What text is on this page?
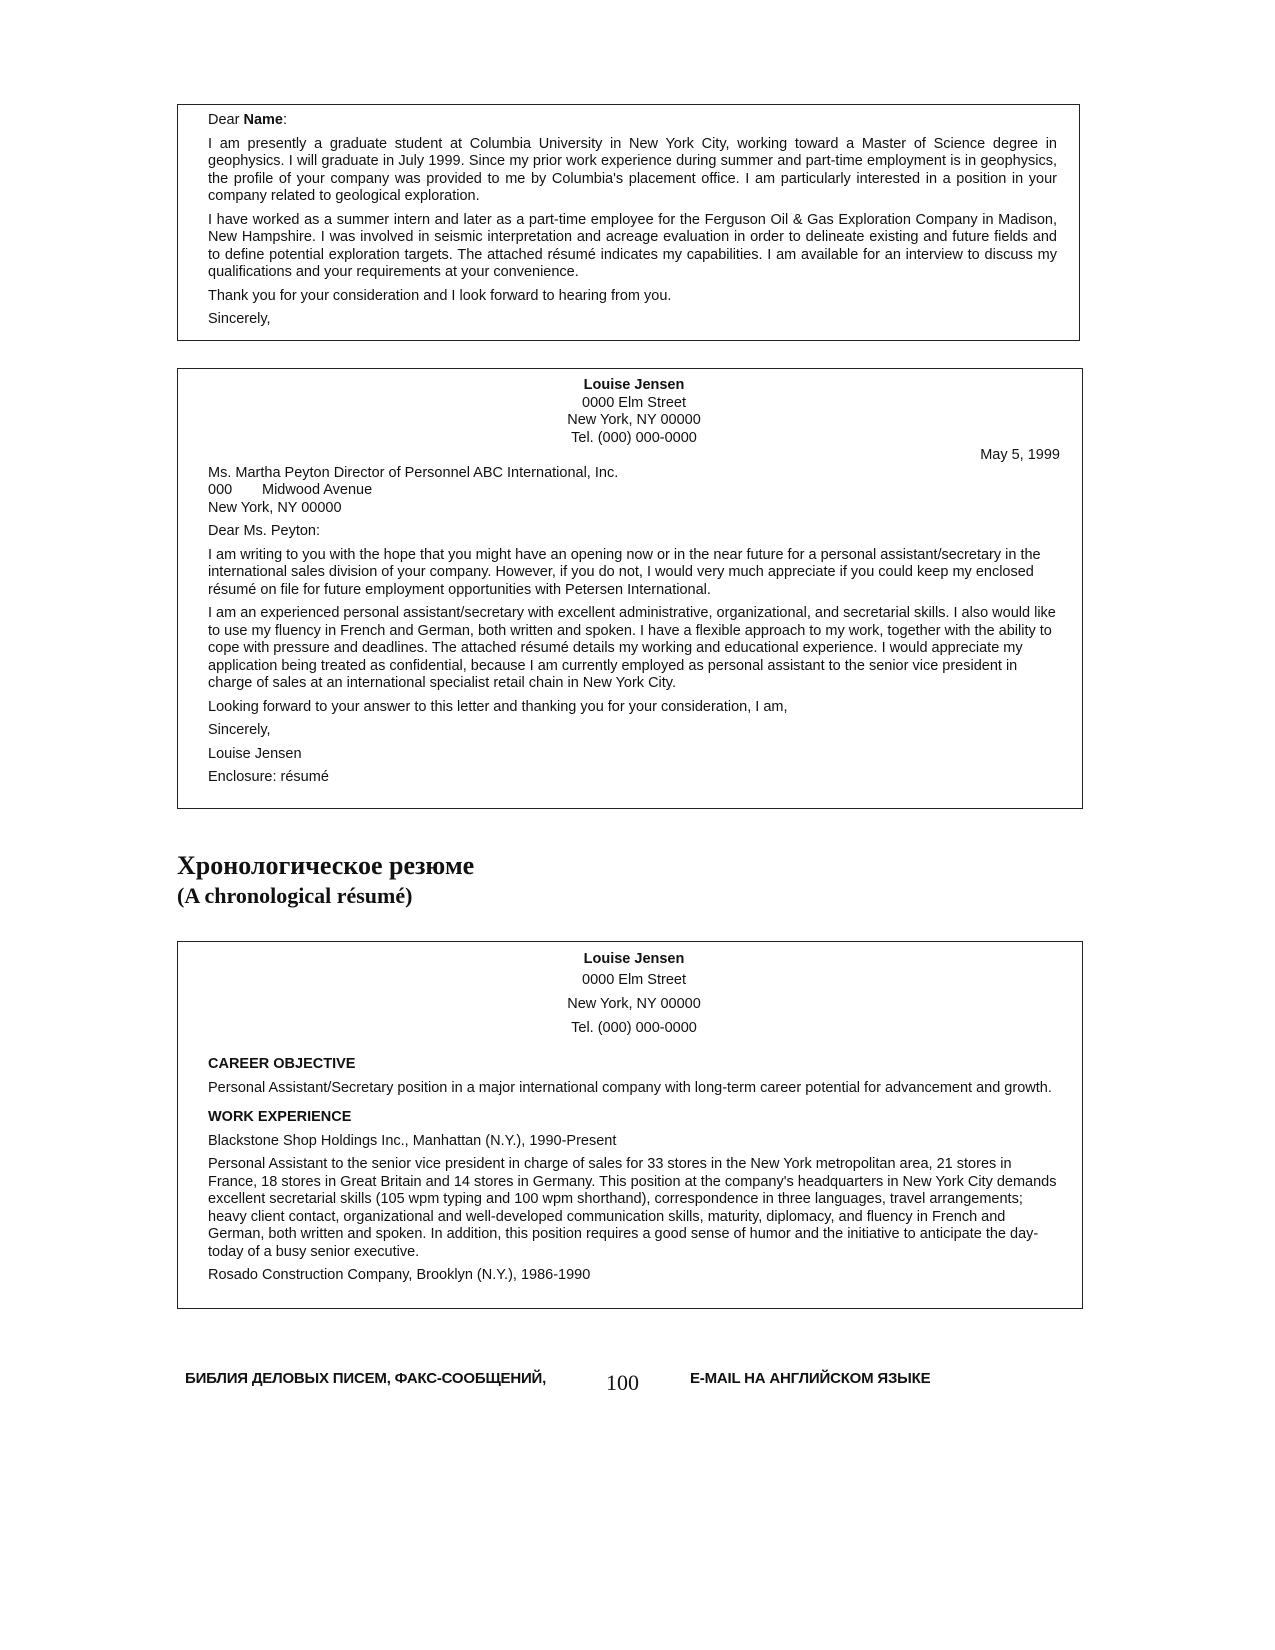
Dear Name:

I am presently a graduate student at Columbia University in New York City, working toward a Master of Science degree in geophysics. I will graduate in July 1999. Since my prior work experience during summer and part-time employment is in geophysics, the profile of your company was provided to me by Columbia's placement office. I am particularly interested in a position in your company related to geological exploration.

I have worked as a summer intern and later as a part-time employee for the Ferguson Oil & Gas Exploration Company in Madison, New Hampshire. I was involved in seismic interpretation and acreage evaluation in order to delineate existing and future fields and to define potential exploration targets. The attached résumé indicates my capabilities. I am available for an interview to discuss my qualifications and your requirements at your convenience.

Thank you for your consideration and I look forward to hearing from you.

Sincerely,

Louise Jensen

0000 Elm Street

New York, NY 00000

Tel. (000) 000-0000

May 5, 1999

Ms. Martha Peyton Director of Personnel ABC International, Inc.

000 Midwood Avenue

New York, NY 00000

Dear Ms. Peyton:

I am writing to you with the hope that you might have an opening now or in the near future for a personal assistant/secretary in the international sales division of your company. However, if you do not, I would very much appreciate if you could keep my enclosed résumé on file for future employment opportunities with Petersen International.

I am an experienced personal assistant/secretary with excellent administrative, organizational, and secretarial skills. I also would like to use my fluency in French and German, both written and spoken. I have a flexible approach to my work, together with the ability to cope with pressure and deadlines. The attached résumé details my working and educational experience. I would appreciate my application being treated as confidential, because I am currently employed as personal assistant to the senior vice president in charge of sales at an international specialist retail chain in New York City.

Looking forward to your answer to this letter and thanking you for your consideration, I am,

Sincerely,

Louise Jensen

Enclosure: résumé

Хронологическое резюме

(A chronological résumé)

Louise Jensen

0000 Elm Street

New York, NY 00000

Tel. (000) 000-0000

CAREER OBJECTIVE

Personal Assistant/Secretary position in a major international company with long-term career potential for advancement and growth.

WORK EXPERIENCE

Blackstone Shop Holdings Inc., Manhattan (N.Y.), 1990-Present

Personal Assistant to the senior vice president in charge of sales for 33 stores in the New York metropolitan area, 21 stores in France, 18 stores in Great Britain and 14 stores in Germany. This position at the company's headquarters in New York City demands excellent secretarial skills (105 wpm typing and 100 wpm shorthand), correspondence in three languages, travel arrangements; heavy client contact, organizational and well-developed communication skills, maturity, diplomacy, and fluency in French and German, both written and spoken. In addition, this position requires a good sense of humor and the initiative to anticipate the day-today of a busy senior executive.

Rosado Construction Company, Brooklyn (N.Y.), 1986-1990

БИБЛИЯ ДЕЛОВЫХ ПИСЕМ, ФАКС-СООБЩЕНИЙ,	100	E-MAIL НА АНГЛИЙСКОМ ЯЗЫКЕ
